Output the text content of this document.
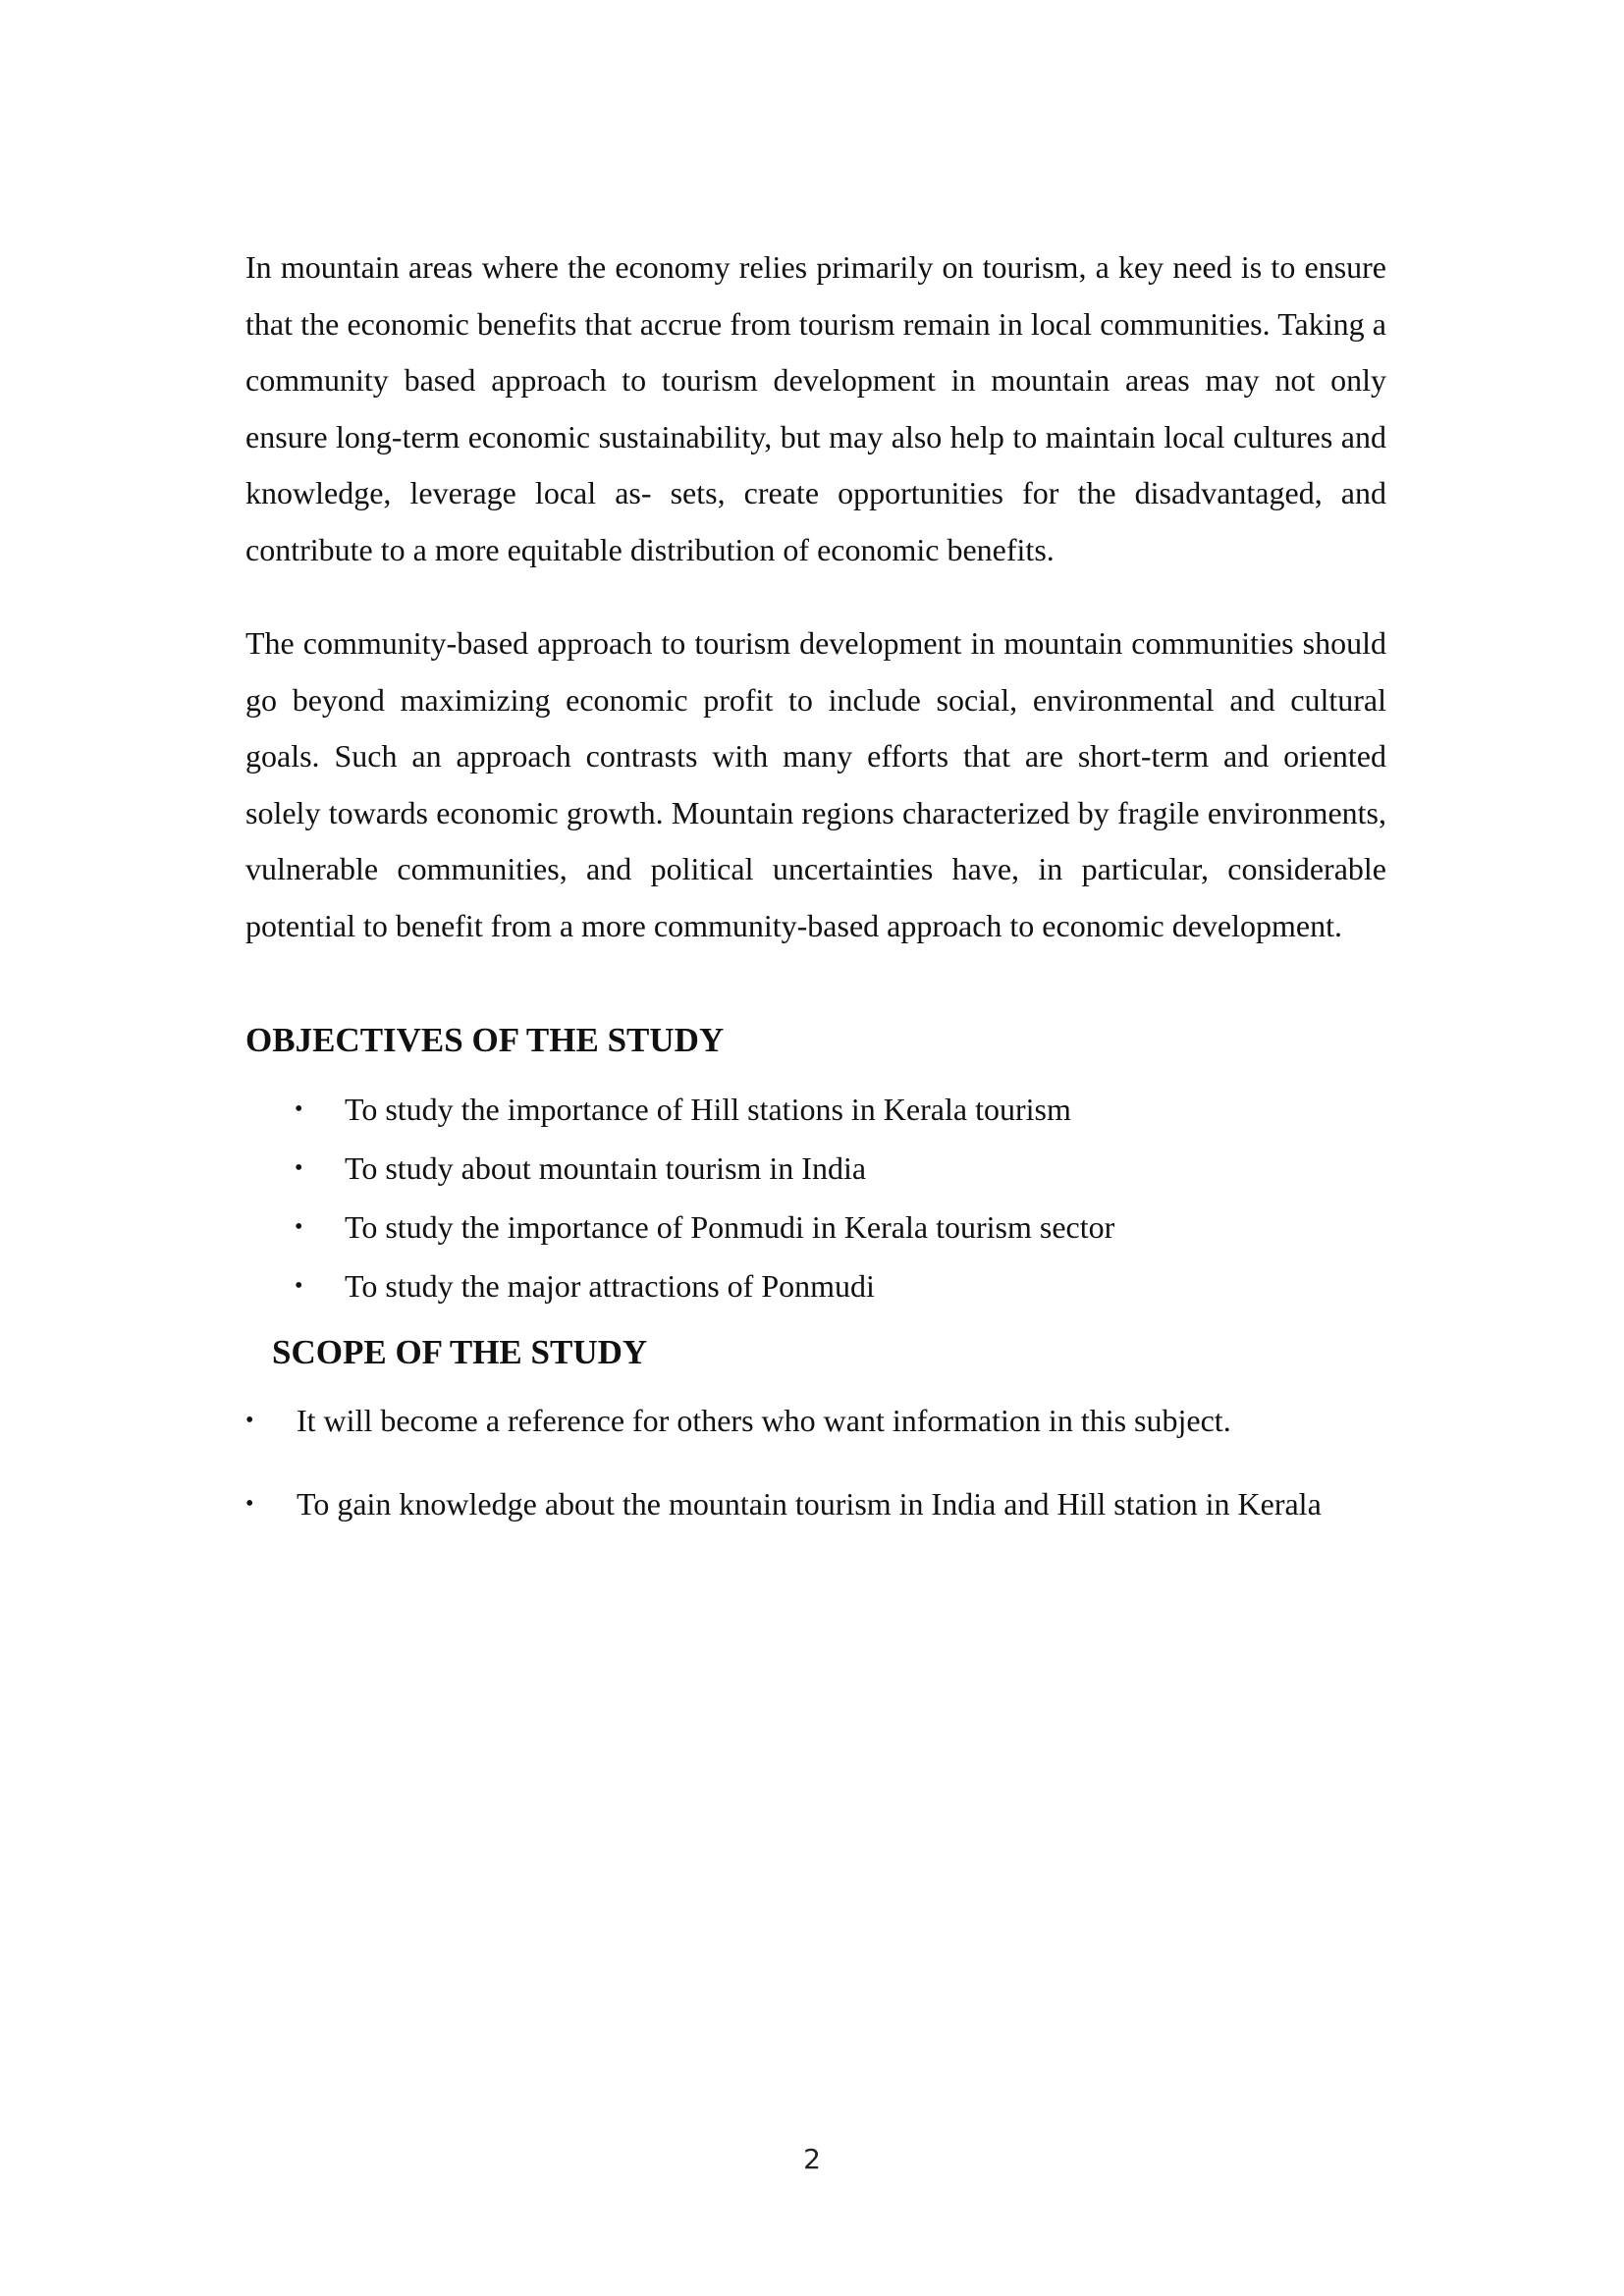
In mountain areas where the economy relies primarily on tourism, a key need is to ensure that the economic benefits that accrue from tourism remain in local communities. Taking a community based approach to tourism development in mountain areas may not only ensure long-term economic sustainability, but may also help to maintain local cultures and knowledge, leverage local as- sets, create opportunities for the disadvantaged, and contribute to a more equitable distribution of economic benefits.

The community-based approach to tourism development in mountain communities should go beyond maximizing economic profit to include social, environmental and cultural goals. Such an approach contrasts with many efforts that are short-term and oriented solely towards economic growth. Mountain regions characterized by fragile environments, vulnerable communities, and political uncertainties have, in particular, considerable potential to benefit from a more community-based approach to economic development.

OBJECTIVES OF THE STUDY
• To study the importance of Hill stations in Kerala tourism
• To study about mountain tourism in India
• To study the importance of Ponmudi in Kerala tourism sector
• To study the major attractions of Ponmudi
SCOPE OF THE STUDY
• It will become a reference for others who want information in this subject.
• To gain knowledge about the mountain tourism in India and Hill station in Kerala
2
